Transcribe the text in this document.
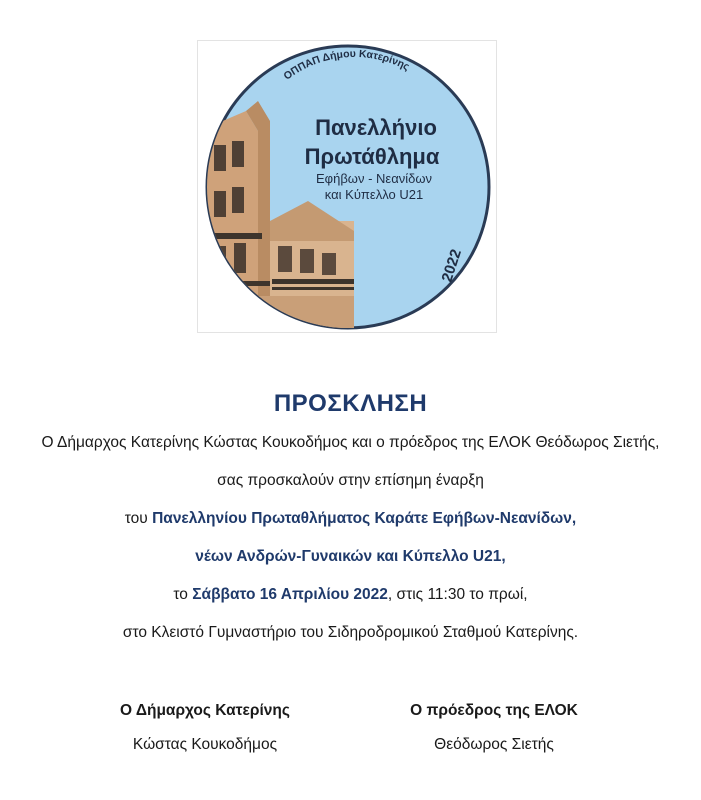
ΟΠΠΑΠ Δήμου Κατερίνης
Πανελλήνιο
Πρωτάθλημα
Εφήβων - Νεανίδων
και Κύπελλο U21
2022
ΠΡΟΣΚΛΗΣΗ

Ο Δήμαρχος Κατερίνης Κώστας Κουκοδήμος και ο πρόεδρος της ΕΛΟΚ Θεόδωρος Σιετής,

σας προσκαλούν στην επίσημη έναρξη

του Πανελληνίου Πρωταθλήματος Καράτε Εφήβων-Νεανίδων,

νέων Ανδρών-Γυναικών και Κύπελλο U21,

το Σάββατο 16 Απριλίου 2022, στις 11:30 το πρωί,

στο Κλειστό Γυμναστήριο του Σιδηροδρομικού Σταθμού Κατερίνης.

Ο Δήμαρχος Κατερίνης
Κώστας Κουκοδήμος
Ο πρόεδρος της ΕΛΟΚ
Θεόδωρος Σιετής
